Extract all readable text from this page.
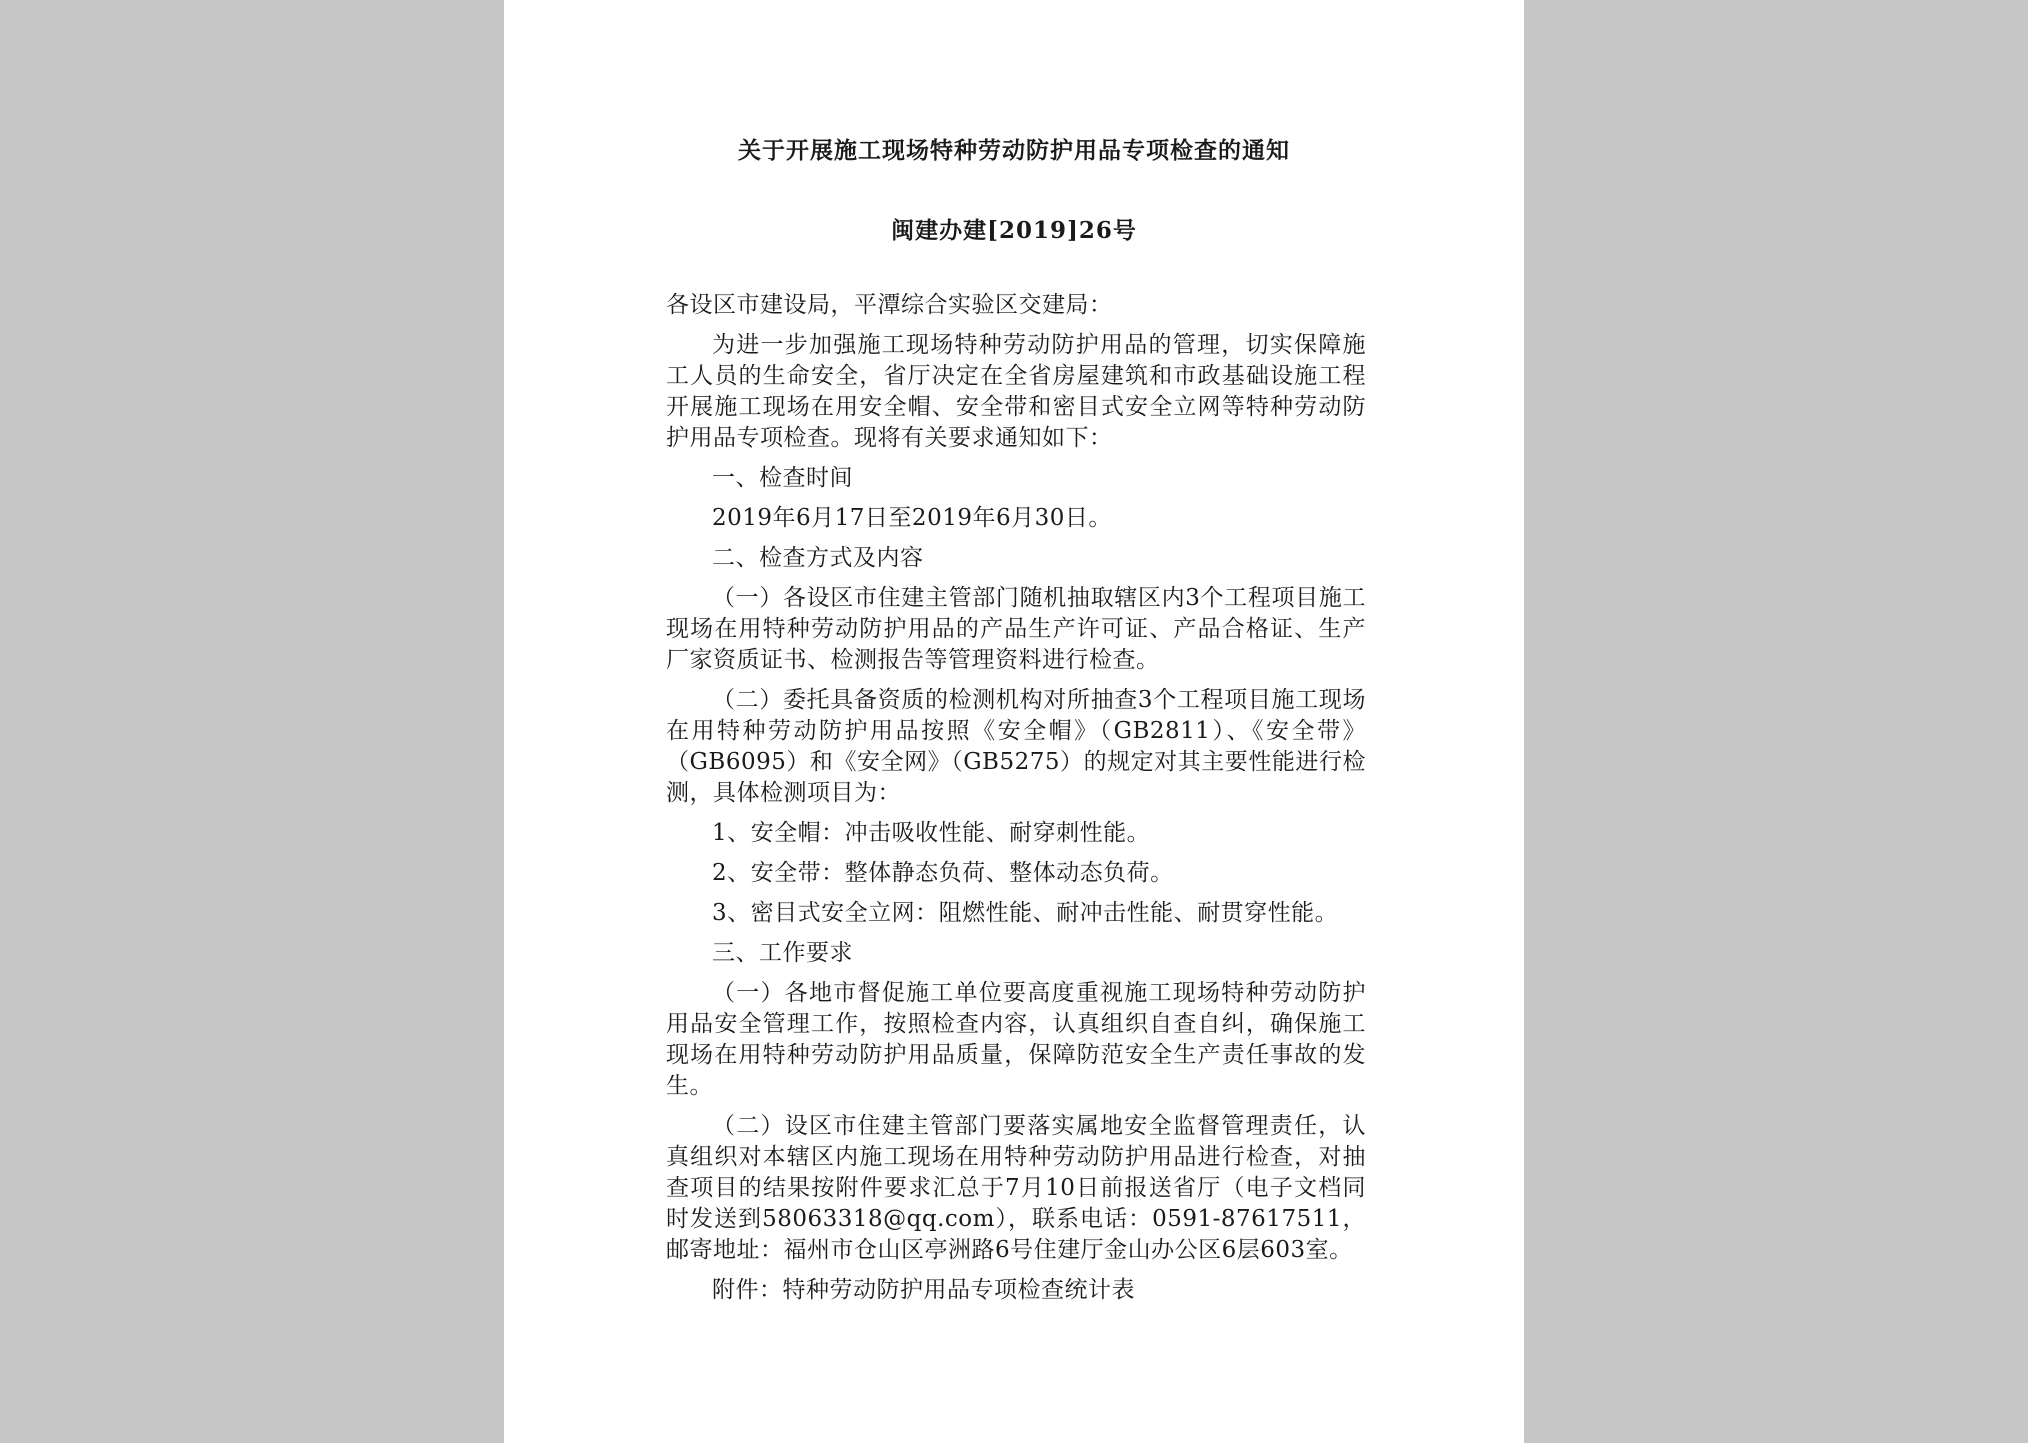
关于开展施工现场特种劳动防护用品专项检查的通知
闽建办建[2019]26号

各设区市建设局，平潭综合实验区交建局：

为进一步加强施工现场特种劳动防护用品的管理，切实保障施工人员的生命安全，省厅决定在全省房屋建筑和市政基础设施工程开展施工现场在用安全帽、安全带和密目式安全立网等特种劳动防护用品专项检查。现将有关要求通知如下：

一、检查时间

2019年6月17日至2019年6月30日。

二、检查方式及内容

（一）各设区市住建主管部门随机抽取辖区内3个工程项目施工现场在用特种劳动防护用品的产品生产许可证、产品合格证、生产厂家资质证书、检测报告等管理资料进行检查。

（二）委托具备资质的检测机构对所抽查3个工程项目施工现场在用特种劳动防护用品按照《安全帽》（GB2811）、《安全带》（GB6095）和《安全网》（GB5275）的规定对其主要性能进行检测，具体检测项目为：

1、安全帽：冲击吸收性能、耐穿刺性能。

2、安全带：整体静态负荷、整体动态负荷。

3、密目式安全立网：阻燃性能、耐冲击性能、耐贯穿性能。

三、工作要求

（一）各地市督促施工单位要高度重视施工现场特种劳动防护用品安全管理工作，按照检查内容，认真组织自查自纠，确保施工现场在用特种劳动防护用品质量，保障防范安全生产责任事故的发生。

（二）设区市住建主管部门要落实属地安全监督管理责任，认真组织对本辖区内施工现场在用特种劳动防护用品进行检查，对抽查项目的结果按附件要求汇总于7月10日前报送省厅（电子文档同时发送到58063318@qq.com），联系电话：0591-87617511，邮寄地址：福州市仓山区亭洲路6号住建厅金山办公区6层603室。

附件：特种劳动防护用品专项检查统计表
